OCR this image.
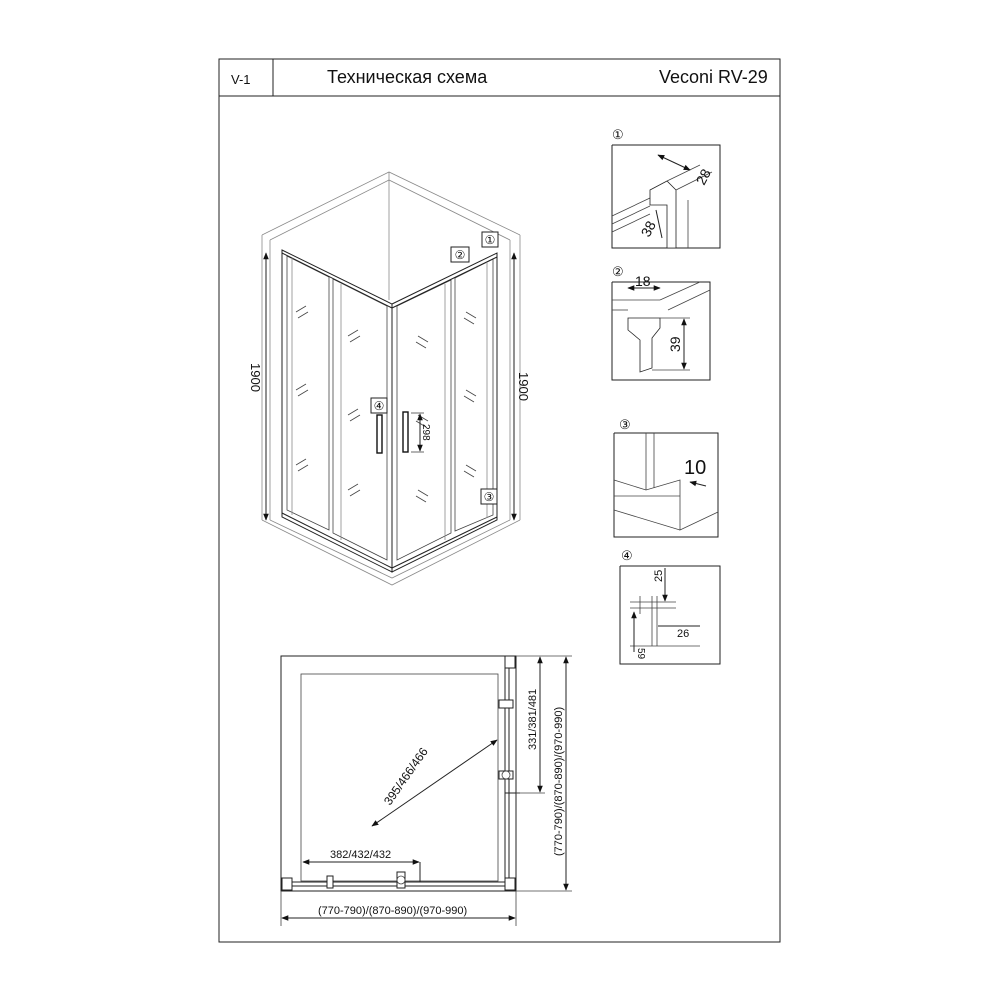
V-1	Техническая схема	Veconi RV-29
1900	1900
298
②
①
④
③
①
28
38
②
18
39
③
10
④
25
26
59
395/466/466
382/432/432
(770-790)/(870-890)/(970-990)
331/381/481 (770-790)/(870-890)/(970-990)
